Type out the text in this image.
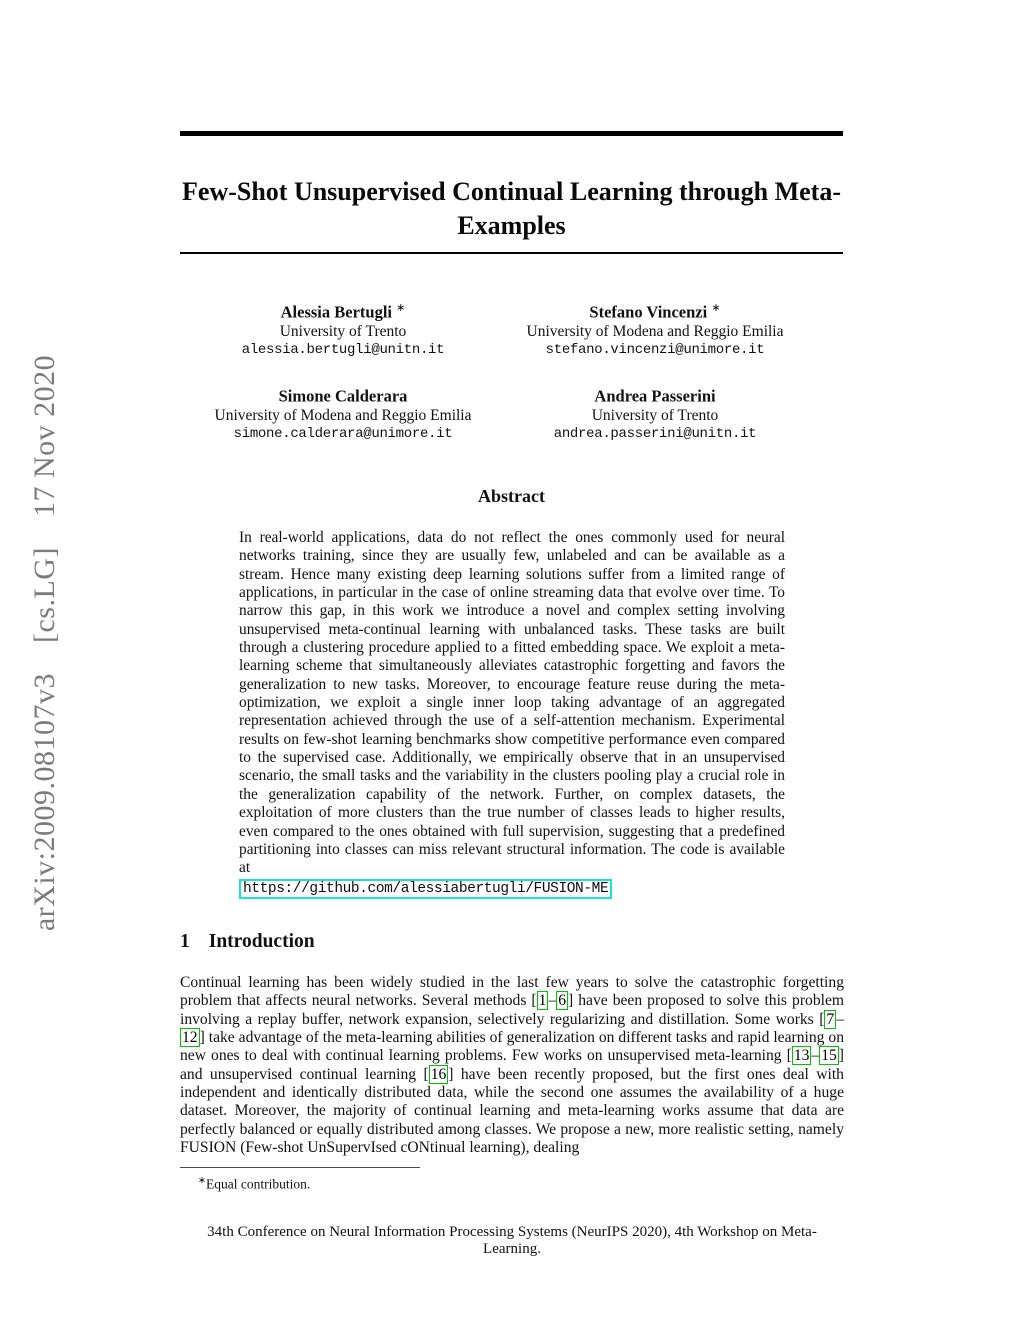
arXiv:2009.08107v3[cs.LG]17 Nov 2020
Few-Shot Unsupervised Continual Learning through Meta-Examples
Alessia Bertugli ∗
University of Trento
alessia.bertugli@unitn.it
Stefano Vincenzi ∗
University of Modena and Reggio Emilia
stefano.vincenzi@unimore.it
Simone Calderara
University of Modena and Reggio Emilia
simone.calderara@unimore.it
Andrea Passerini
University of Trento
andrea.passerini@unitn.it
Abstract
In real-world applications, data do not reflect the ones commonly used for neural networks training, since they are usually few, unlabeled and can be available as a stream. Hence many existing deep learning solutions suffer from a limited range of applications, in particular in the case of online streaming data that evolve over time. To narrow this gap, in this work we introduce a novel and complex setting involving unsupervised meta-continual learning with unbalanced tasks. These tasks are built through a clustering procedure applied to a fitted embedding space. We exploit a meta-learning scheme that simultaneously alleviates catastrophic forgetting and favors the generalization to new tasks. Moreover, to encourage feature reuse during the meta-optimization, we exploit a single inner loop taking advantage of an aggregated representation achieved through the use of a self-attention mechanism. Experimental results on few-shot learning benchmarks show competitive performance even compared to the supervised case. Additionally, we empirically observe that in an unsupervised scenario, the small tasks and the variability in the clusters pooling play a crucial role in the generalization capability of the network. Further, on complex datasets, the exploitation of more clusters than the true number of classes leads to higher results, even compared to the ones obtained with full supervision, suggesting that a predefined partitioning into classes can miss relevant structural information. The code is available at
https://github.com/alessiabertugli/FUSION-ME
1 Introduction
Continual learning has been widely studied in the last few years to solve the catastrophic forgetting problem that affects neural networks. Several methods [ 1 – 6 ] have been proposed to solve this problem involving a replay buffer, network expansion, selectively regularizing and distillation. Some works [ 7 –12 ] take advantage of the meta-learning abilities of generalization on different tasks and rapid learning on new ones to deal with continual learning problems. Few works on unsupervised meta-learning [ 13 – 15 ] and unsupervised continual learning [ 16 ] have been recently proposed, but the first ones deal with independent and identically distributed data, while the second one assumes the availability of a huge dataset. Moreover, the majority of continual learning and meta-learning works assume that data are perfectly balanced or equally distributed among classes. We propose a new, more realistic setting, namely FUSION (Few-shot UnSupervIsed cONtinual learning), dealing
∗Equal contribution.
34th Conference on Neural Information Processing Systems (NeurIPS 2020), 4th Workshop on Meta-Learning.
